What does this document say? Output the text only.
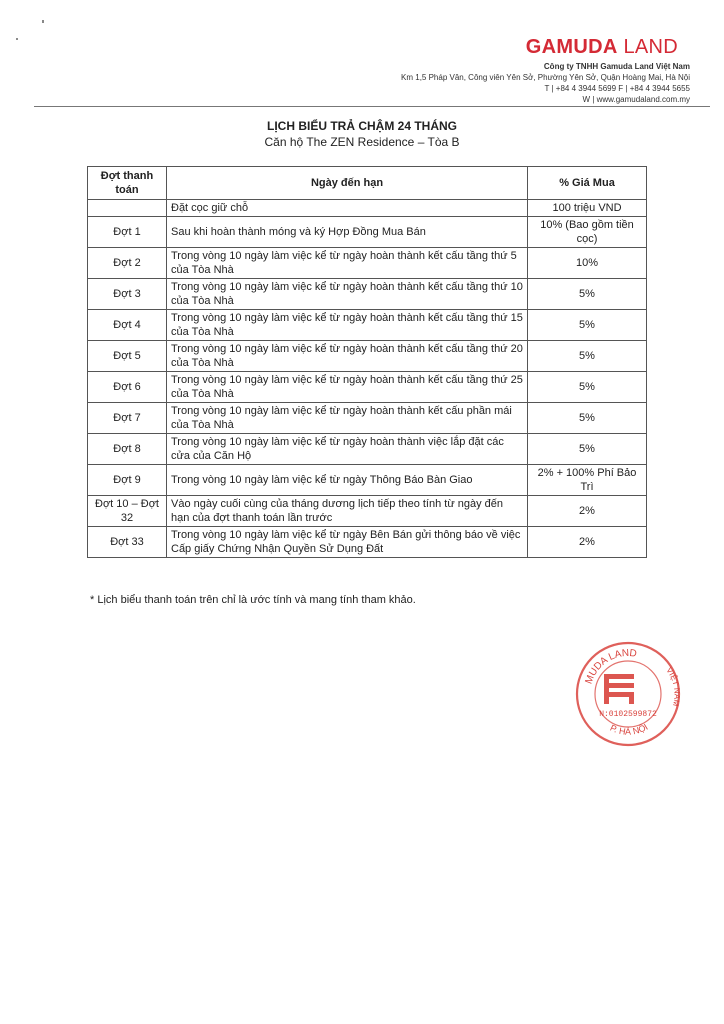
GAMUDA LAND
Công ty TNHH Gamuda Land Việt Nam
Km 1,5 Pháp Vân, Công viên Yên Sở, Phường Yên Sở, Quận Hoàng Mai, Hà Nội
T | +84 4 3944 5699 F | +84 4 3944 5655
W | www.gamudaland.com.my
LỊCH BIỂU TRẢ CHẬM 24 THÁNG
Căn hộ The ZEN Residence – Tòa B
Đợt thanh toán	Ngày đến hạn	% Giá Mua
	Đặt cọc giữ chỗ	100 triệu VND
Đợt 1	Sau khi hoàn thành móng và ký Hợp Đồng Mua Bán	10% (Bao gồm tiền cọc)
Đợt 2	Trong vòng 10 ngày làm việc kể từ ngày hoàn thành kết cấu tầng thứ 5 của Tòa Nhà	10%
Đợt 3	Trong vòng 10 ngày làm việc kể từ ngày hoàn thành kết cấu tầng thứ 10 của Tòa Nhà	5%
Đợt 4	Trong vòng 10 ngày làm việc kể từ ngày hoàn thành kết cấu tầng thứ 15 của Tòa Nhà	5%
Đợt 5	Trong vòng 10 ngày làm việc kể từ ngày hoàn thành kết cấu tầng thứ 20 của Tòa Nhà	5%
Đợt 6	Trong vòng 10 ngày làm việc kể từ ngày hoàn thành kết cấu tầng thứ 25 của Tòa Nhà	5%
Đợt 7	Trong vòng 10 ngày làm việc kể từ ngày hoàn thành kết cấu phần mái của Tòa Nhà	5%
Đợt 8	Trong vòng 10 ngày làm việc kể từ ngày hoàn thành việc lắp đặt các cửa của Căn Hộ	5%
Đợt 9	Trong vòng 10 ngày làm việc kể từ ngày Thông Báo Bàn Giao	2% + 100% Phí Bảo Trì
Đợt 10 – Đợt 32	Vào ngày cuối cùng của tháng dương lịch tiếp theo tính từ ngày đến hạn của đợt thanh toán lần trước	2%
Đợt 33	Trong vòng 10 ngày làm việc kể từ ngày Bên Bán gửi thông báo về việc Cấp giấy Chứng Nhận Quyền Sử Dụng Đất	2%
* Lịch biểu thanh toán trên chỉ là ước tính và mang tính tham khảo.
MUDA LAND
VIỆT NAM
P. HÀ NỘI
N:0102599872
